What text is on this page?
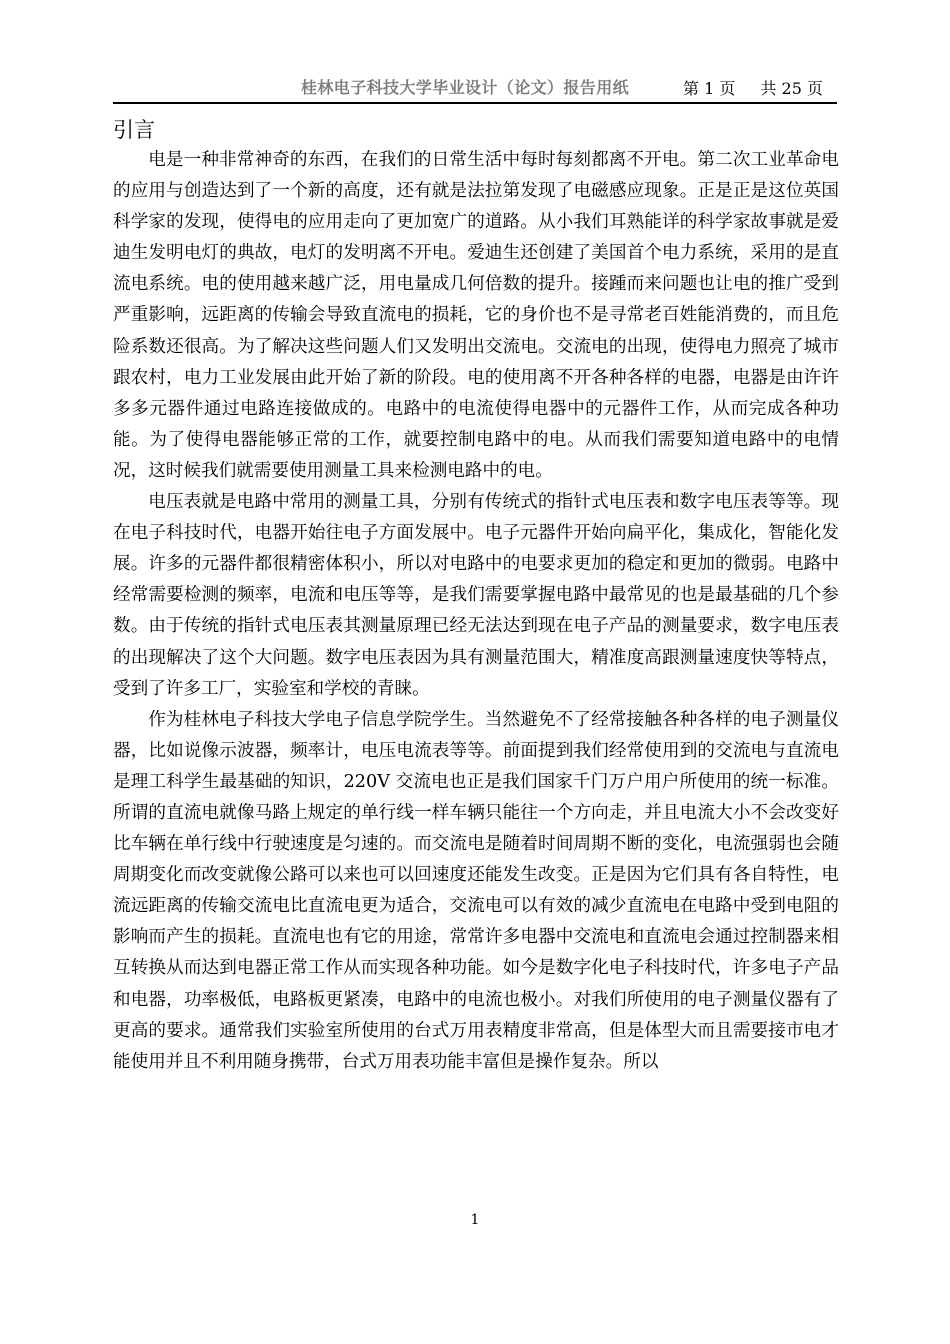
桂林电子科技大学毕业设计（论文）报告用纸	第 1 页 共 25 页
引言

电是一种非常神奇的东西，在我们的日常生活中每时每刻都离不开电。第二次工业革命电的应用与创造达到了一个新的高度，还有就是法拉第发现了电磁感应现象。正是正是这位英国科学家的发现，使得电的应用走向了更加宽广的道路。从小我们耳熟能详的科学家故事就是爱迪生发明电灯的典故，电灯的发明离不开电。爱迪生还创建了美国首个电力系统，采用的是直流电系统。电的使用越来越广泛，用电量成几何倍数的提升。接踵而来问题也让电的推广受到严重影响，远距离的传输会导致直流电的损耗，它的身价也不是寻常老百姓能消费的，而且危险系数还很高。为了解决这些问题人们又发明出交流电。交流电的出现，使得电力照亮了城市跟农村，电力工业发展由此开始了新的阶段。电的使用离不开各种各样的电器，电器是由许许多多元器件通过电路连接做成的。电路中的电流使得电器中的元器件工作，从而完成各种功能。为了使得电器能够正常的工作，就要控制电路中的电。从而我们需要知道电路中的电情况，这时候我们就需要使用测量工具来检测电路中的电。

电压表就是电路中常用的测量工具，分别有传统式的指针式电压表和数字电压表等等。现在电子科技时代，电器开始往电子方面发展中。电子元器件开始向扁平化，集成化，智能化发展。许多的元器件都很精密体积小，所以对电路中的电要求更加的稳定和更加的微弱。电路中经常需要检测的频率，电流和电压等等，是我们需要掌握电路中最常见的也是最基础的几个参数。由于传统的指针式电压表其测量原理已经无法达到现在电子产品的测量要求，数字电压表的出现解决了这个大问题。数字电压表因为具有测量范围大，精准度高跟测量速度快等特点，受到了许多工厂，实验室和学校的青睐。

作为桂林电子科技大学电子信息学院学生。当然避免不了经常接触各种各样的电子测量仪器，比如说像示波器，频率计，电压电流表等等。前面提到我们经常使用到的交流电与直流电是理工科学生最基础的知识，220V 交流电也正是我们国家千门万户用户所使用的统一标准。所谓的直流电就像马路上规定的单行线一样车辆只能往一个方向走，并且电流大小不会改变好比车辆在单行线中行驶速度是匀速的。而交流电是随着时间周期不断的变化，电流强弱也会随周期变化而改变就像公路可以来也可以回速度还能发生改变。正是因为它们具有各自特性，电流远距离的传输交流电比直流电更为适合，交流电可以有效的减少直流电在电路中受到电阻的影响而产生的损耗。直流电也有它的用途，常常许多电器中交流电和直流电会通过控制器来相互转换从而达到电器正常工作从而实现各种功能。如今是数字化电子科技时代，许多电子产品和电器，功率极低，电路板更紧凑，电路中的电流也极小。对我们所使用的电子测量仪器有了更高的要求。通常我们实验室所使用的台式万用表精度非常高，但是体型大而且需要接市电才能使用并且不利用随身携带，台式万用表功能丰富但是操作复杂。所以

1
